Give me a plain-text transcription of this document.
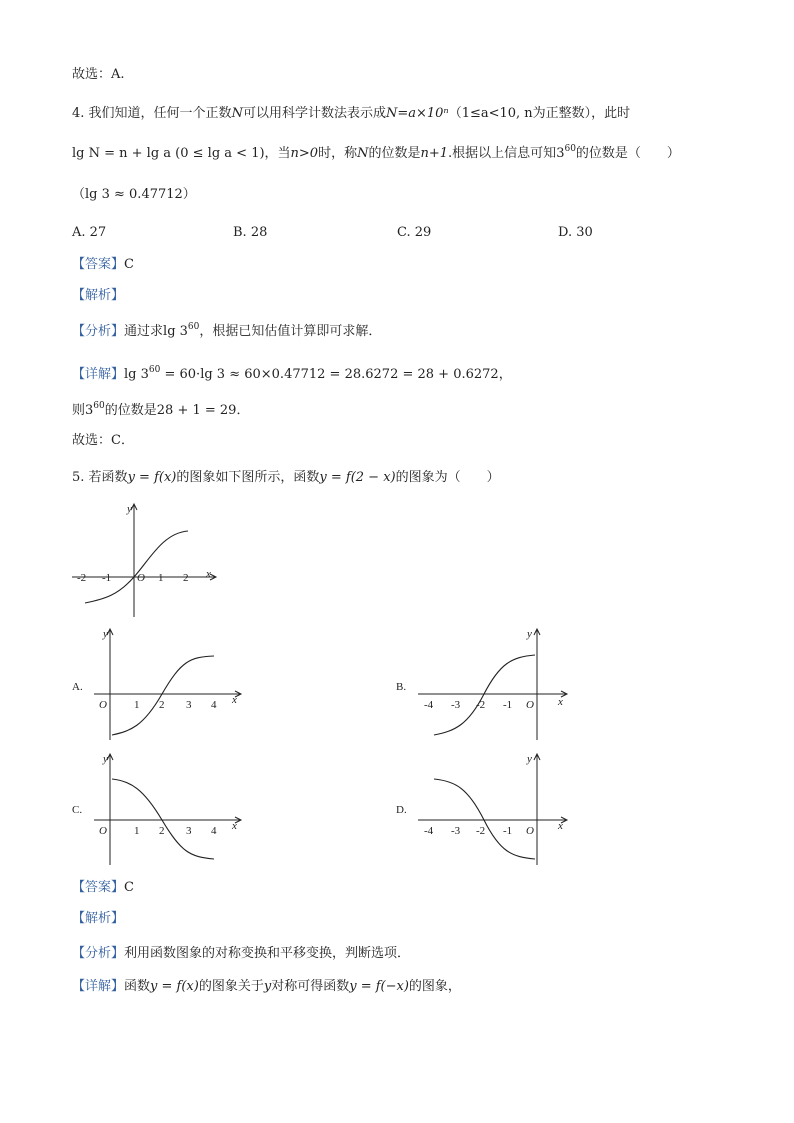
故选：A.
4. 我们知道，任何一个正数N可以用科学计数法表示成N=a×10ⁿ（1≤a<10, n为正整数），此时
lg N = n + lg a (0 ≤ lg a < 1)，当n>0时，称N的位数是n+1.根据以上信息可知$3^{60}$的位数是（　　）
（lg 3 ≈ 0.47712）
A. 27	B. 28	C. 29	D. 30
【答案】C
【解析】
【分析】通过求$\lg 3^{60}$，根据已知估值计算即可求解．
【详解】$\lg 3^{60} = 60\cdot\lg$ 3 ≈ 60×0.47712 = 28.6272 = 28 + 0.6272，
则$3^{60}$的位数是28 + 1 = 29．
故选：C．
5. 若函数y = f(x)的图象如下图所示，函数y = f(2 − x)的图象为（　　）
y
x
O
-2 -1	1 2
A.
y
x
O 1 2 3 4
B.
y
x
O
-4 -3 -2 -1
C.
y
x
O 1 2 3 4
D.
y
x
O
-4 -3 -2 -1
【答案】C
【解析】
【分析】利用函数图象的对称变换和平移变换，判断选项．
【详解】函数y = f(x)的图象关于y对称可得函数y = f(−x)的图象，
